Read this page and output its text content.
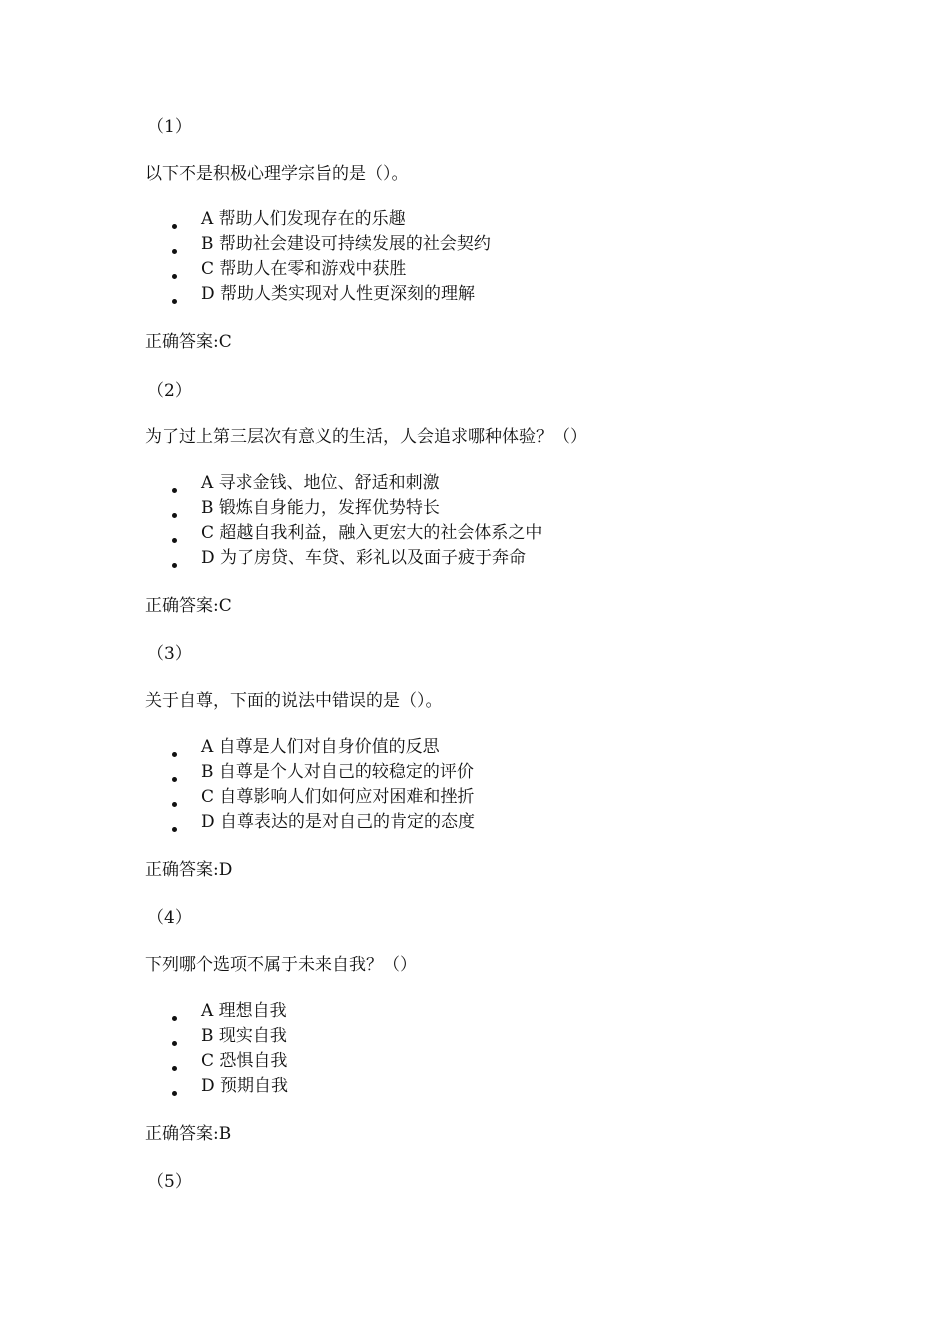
（1）
以下不是积极心理学宗旨的是（）。
A 帮助人们发现存在的乐趣
B 帮助社会建设可持续发展的社会契约
C 帮助人在零和游戏中获胜
D 帮助人类实现对人性更深刻的理解
正确答案:C
（2）
为了过上第三层次有意义的生活，人会追求哪种体验？（）
A 寻求金钱、地位、舒适和刺激
B 锻炼自身能力，发挥优势特长
C 超越自我利益，融入更宏大的社会体系之中
D 为了房贷、车贷、彩礼以及面子疲于奔命
正确答案:C
（3）
关于自尊，下面的说法中错误的是（）。
A 自尊是人们对自身价值的反思
B 自尊是个人对自己的较稳定的评价
C 自尊影响人们如何应对困难和挫折
D 自尊表达的是对自己的肯定的态度
正确答案:D
（4）
下列哪个选项不属于未来自我？（）
A 理想自我
B 现实自我
C 恐惧自我
D 预期自我
正确答案:B
（5）
